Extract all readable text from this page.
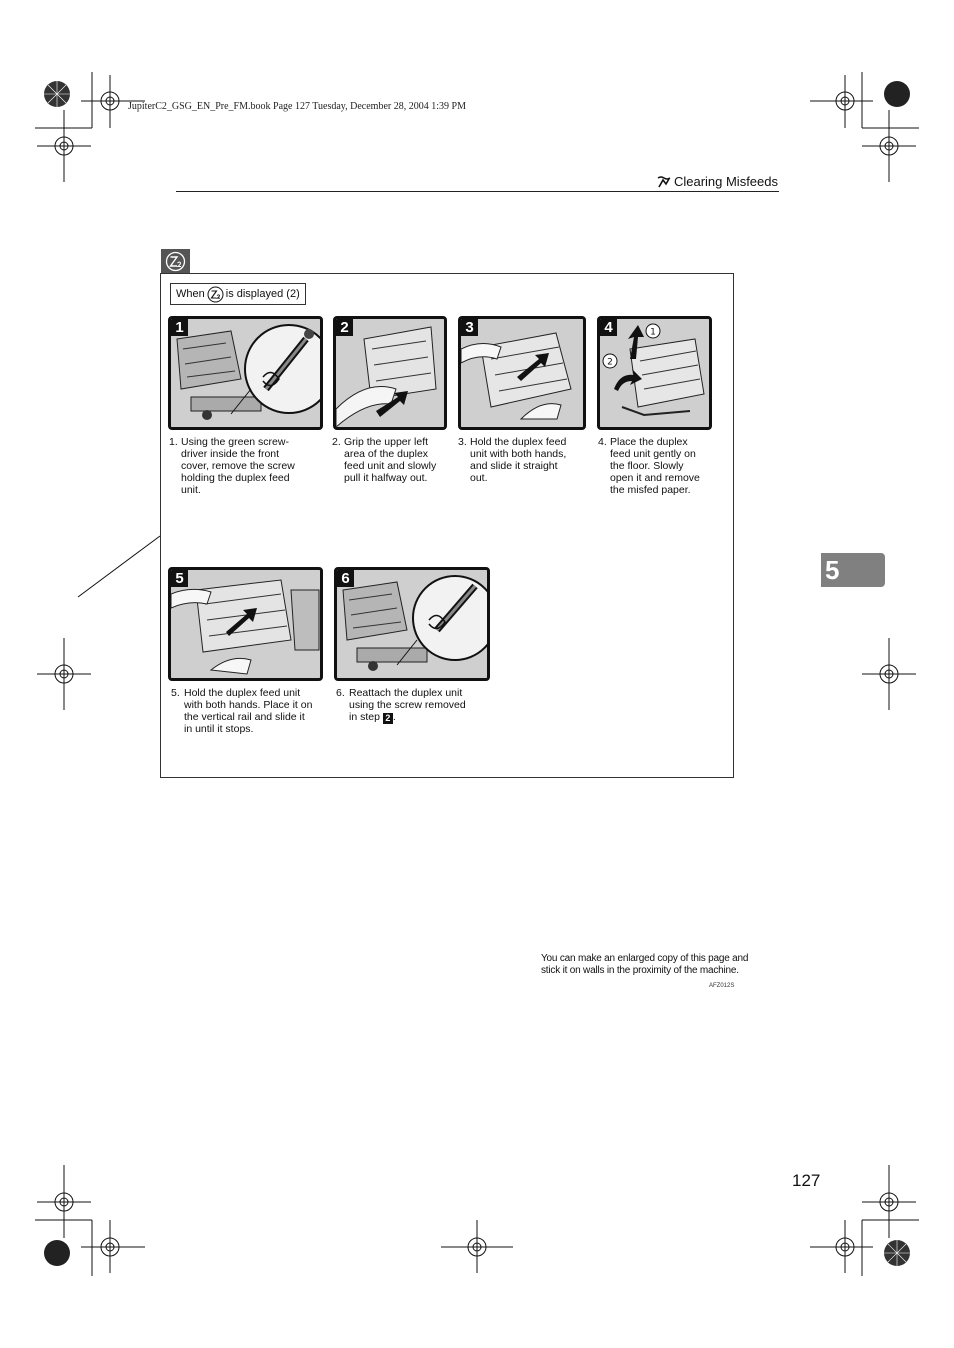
JupiterC2_GSG_EN_Pre_FM.book Page 127 Tuesday, December 28, 2004 1:39 PM
Clearing Misfeeds
5
When is displayed (2)
1	2	3	4	1
2
5	6
1. Using the green screw-
driver inside the front
cover, remove the screw
holding the duplex feed
unit.
2. Grip the upper left
area of the duplex
feed unit and slowly
pull it halfway out.
3. Hold the duplex feed
unit with both hands,
and slide it straight
out.
4. Place the duplex
feed unit gently on
the floor. Slowly
open it and remove
the misfed paper.
5. Hold the duplex feed unit
with both hands. Place it on
the vertical rail and slide it
in until it stops.
6. Reattach the duplex unit
using the screw removed
in step 2 .
You can make an enlarged copy of this page and
stick it on walls in the proximity of the machine.
AFZ012S
127
